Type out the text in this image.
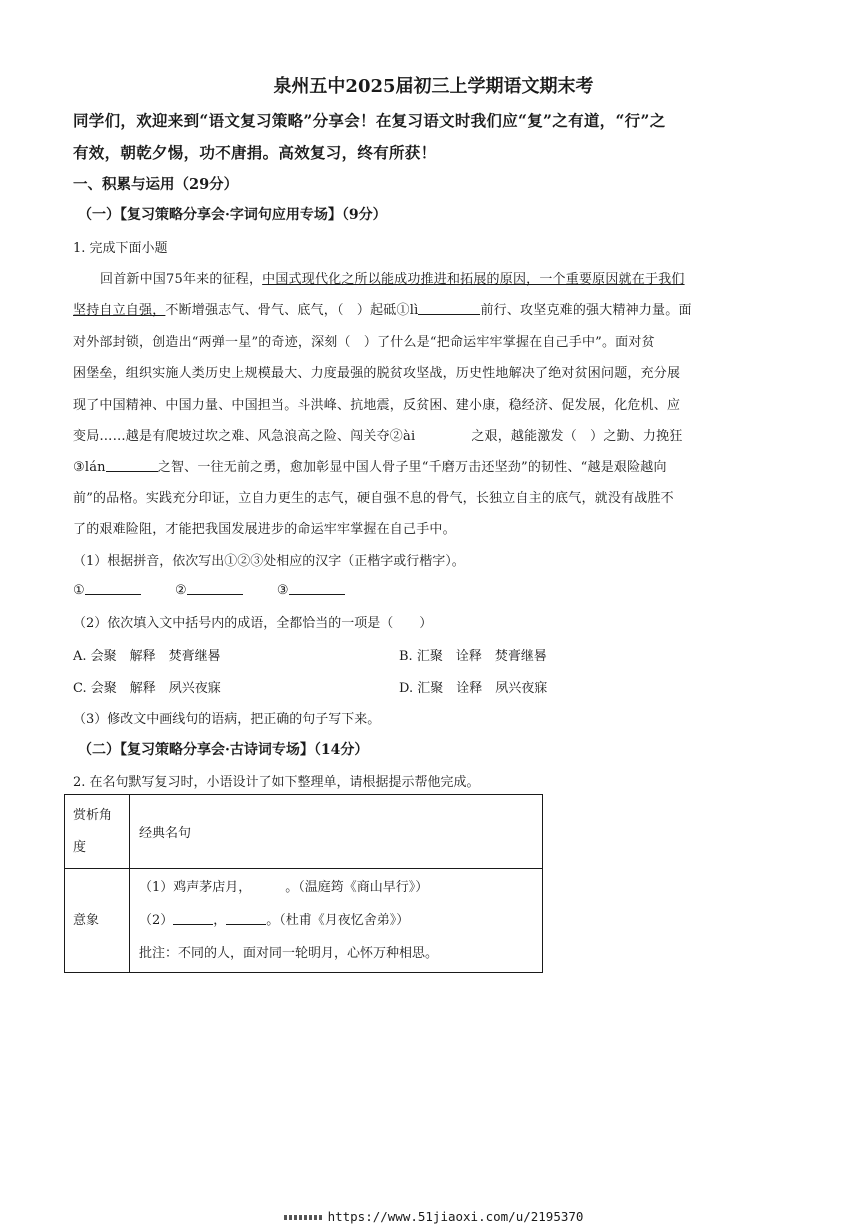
泉州五中2025届初三上学期语文期末考
同学们，欢迎来到“语文复习策略”分享会！在复习语文时我们应“复”之有道，“行”之
有效，朝乾夕惕，功不唐捐。高效复习，终有所获！
一、积累与运用（29分）
（一）【复习策略分享会·字词句应用专场】（9分）
1. 完成下面小题
回首新中国75年来的征程，中国式现代化之所以能成功推进和拓展的原因，一个重要原因就在于我们
坚持自立自强，不断增强志气、骨气、底气，（　）起砥①lì	前行、攻坚克难的强大精神力量。面
对外部封锁，创造出“两弹一星”的奇迹，深刻（　）了什么是“把命运牢牢掌握在自己手中”。面对贫
困堡垒，组织实施人类历史上规模最大、力度最强的脱贫攻坚战，历史性地解决了绝对贫困问题，充分展
现了中国精神、中国力量、中国担当。斗洪峰、抗地震，反贫困、建小康，稳经济、促发展，化危机、应
变局……越是有爬坡过坎之难、风急浪高之险、闯关夺②ài	之艰，越能激发（　）之勤、力挽狂
③lán	之智、一往无前之勇，愈加彰显中国人骨子里“千磨万击还坚劲”的韧性、“越是艰险越向
前”的品格。实践充分印证，立自力更生的志气，硬自强不息的骨气，长独立自主的底气，就没有战胜不
了的艰难险阻，才能把我国发展进步的命运牢牢掌握在自己手中。
（1）根据拼音，依次写出①②③处相应的汉字（正楷字或行楷字）。
①	②	③
（2）依次填入文中括号内的成语，全都恰当的一项是（　　）
A. 会聚　解释　焚膏继晷	B. 汇聚　诠释　焚膏继晷
C. 会聚　解释　夙兴夜寐	D. 汇聚　诠释　夙兴夜寐
（3）修改文中画线句的语病，把正确的句子写下来。
（二）【复习策略分享会·古诗词专场】（14分）
2. 在名句默写复习时，小语设计了如下整理单，请根据提示帮他完成。
赏析角
度	经典名句
意象	（1）鸡声茅店月， 。（温庭筠《商山早行》）
（2） ， 。（杜甫《月夜忆舍弟》）
批注：不同的人，面对同一轮明月，心怀万种相思。
https://www.51jiaoxi.com/u/2195370
